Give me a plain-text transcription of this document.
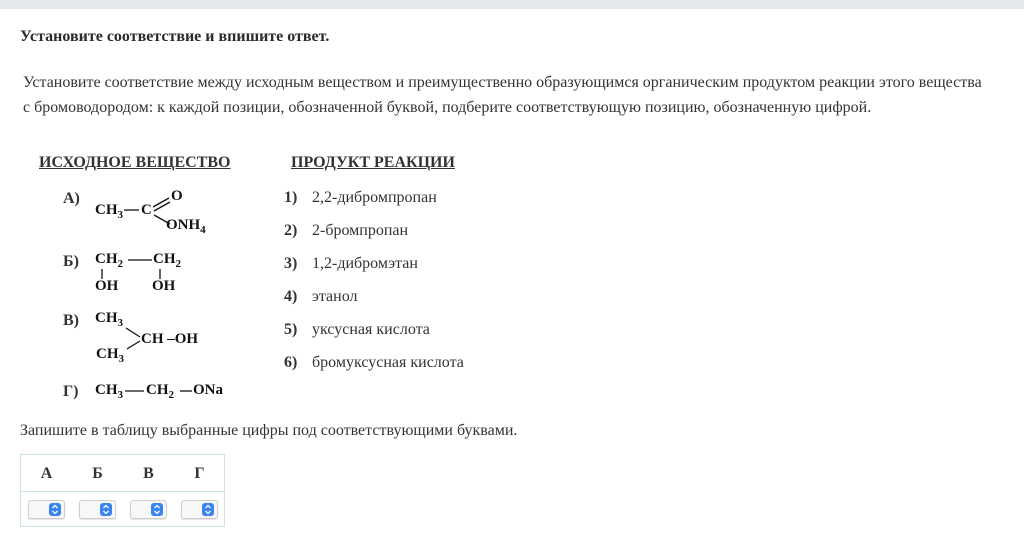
Установите соответствие и впишите ответ.

Установите соответствие между исходным веществом и преимущественно образующимся органическим продуктом реакции этого вещества

с бромоводородом: к каждой позиции, обозначенной буквой, подберите соответствующую позицию, обозначенную цифрой.

ИСХОДНОЕ ВЕЩЕСТВО	ПРОДУКТ РЕАКЦИИ
А)
$CH_3$ C
O
$ONH_4$
Б) $CH_2$ $CH_2$
OH OH
В) $CH_3$
$CH_3$
CH –OH
Г) $CH_3$ $CH_2$ ONa
1) 2,2-дибромпропан
2) 2-бромпропан
3) 1,2-дибромэтан
4) этанол
5) уксусная кислота
6) бромуксусная кислота
Запишите в таблицу выбранные цифры под соответствующими буквами.
А	Б	В	Г
